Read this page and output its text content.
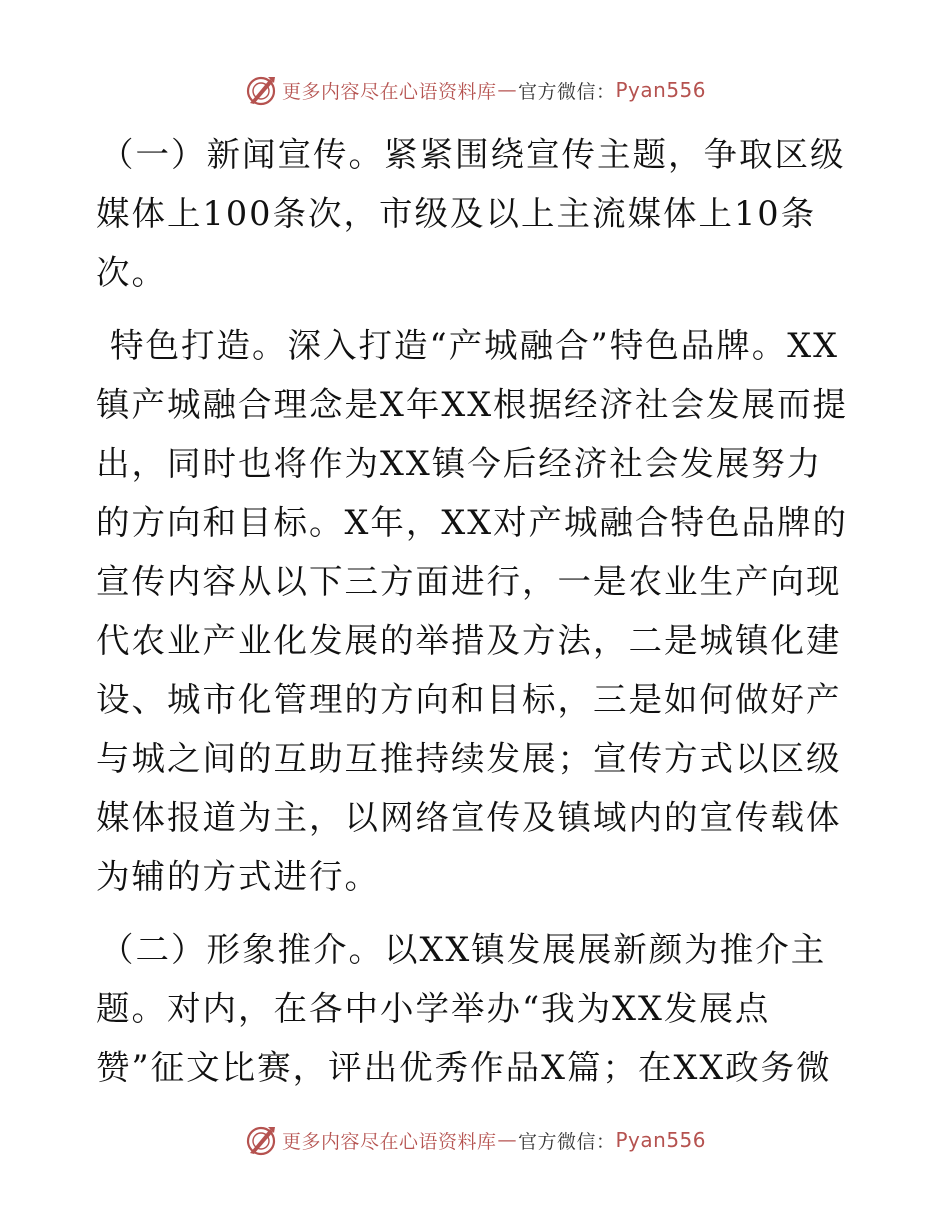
更多内容尽在心语资料库 — 官方微信： Pyan556

（一）新闻宣传。紧紧围绕宣传主题，争取区级媒体上100条次，市级及以上主流媒体上10条次。

特色打造。深入打造“产城融合”特色品牌。XX镇产城融合理念是X年XX根据经济社会发展而提出，同时也将作为XX镇今后经济社会发展努力的方向和目标。X年，XX对产城融合特色品牌的宣传内容从以下三方面进行，一是农业生产向现代农业产业化发展的举措及方法，二是城镇化建设、城市化管理的方向和目标，三是如何做好产与城之间的互助互推持续发展；宣传方式以区级媒体报道为主，以网络宣传及镇域内的宣传载体为辅的方式进行。

（二）形象推介。以XX镇发展展新颜为推介主题。对内，在各中小学举办“我为XX发展点赞”征文比赛，评出优秀作品X篇；在XX政务微

更多内容尽在心语资料库 — 官方微信： Pyan556
